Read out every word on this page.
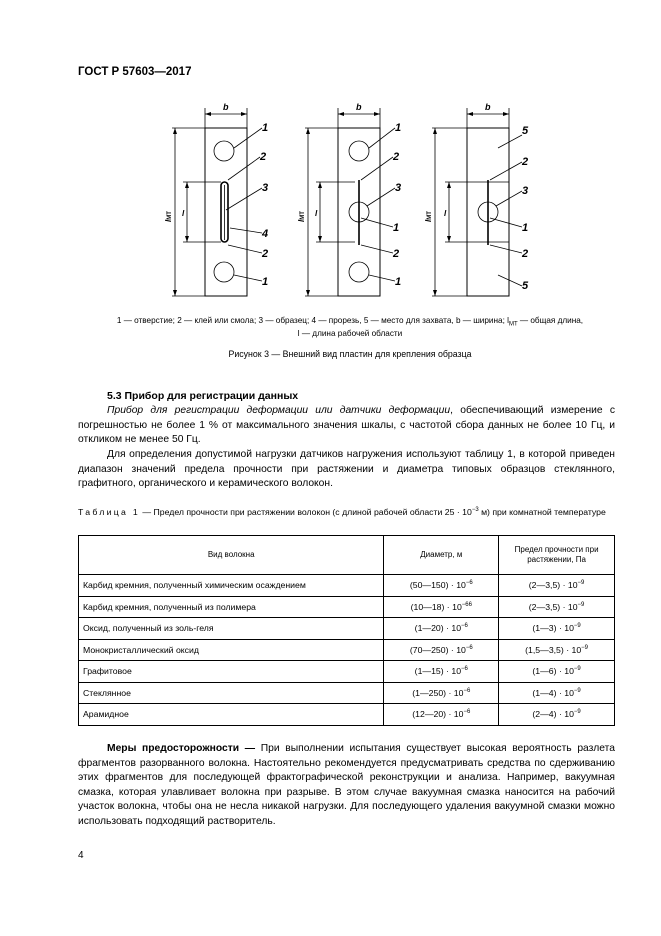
ГОСТ Р 57603—2017
b	b	b
l	l	l
lМТ
lМТ
lМТ
1
2
3
4
2
1
1
2
3
1
2
1
5
2
3
1
2
5
1 — отверстие; 2 — клей или смола; 3 — образец; 4 — прорезь, 5 — место для захвата, b — ширина; $l_{МТ}$ — общая длина,
l — длина рабочей области
Рисунок 3 — Внешний вид пластин для крепления образца
5.3 Прибор для регистрации данных
Прибор для регистрации деформации или датчики деформации, обеспечивающий измерение с погрешностью не более 1 % от максимального значения шкалы, с частотой сбора данных не более 10 Гц, и откликом не менее 50 Гц.
Для определения допустимой нагрузки датчиков нагружения используют таблицу 1, в которой приведен диапазон значений предела прочности при растяжении и диаметра типовых образцов стеклянного, графитного, органического и керамического волокон.
Таблица 1 — Предел прочности при растяжении волокон (с длиной рабочей области $25 \cdot 10^{-3}$ м) при комнатной температуре
Вид волокна	Диаметр, м	Предел прочности при растяжении, Па
Карбид кремния, полученный химическим осаждением	(50—150) · $10^{-6}$	(2—3,5) · $10^{-9}$
Карбид кремния, полученный из полимера	(10—18) · $10^{-66}$	(2—3,5) · $10^{-9}$
Оксид, полученный из золь-геля	(1—20) · $10^{-6}$	(1—3) · $10^{-9}$
Монокристаллический оксид	(70—250) · $10^{-6}$	(1,5—3,5) · $10^{-9}$
Графитовое	(1—15) · $10^{-6}$	(1—6) · $10^{-9}$
Стеклянное	(1—250) · $10^{-6}$	(1—4) · $10^{-9}$
Арамидное	(12—20) · $10^{-6}$	(2—4) · $10^{-9}$
Меры предосторожности — При выполнении испытания существует высокая вероятность разлета фрагментов разорванного волокна. Настоятельно рекомендуется предусматривать средства по сдерживанию этих фрагментов для последующей фрактографической реконструкции и анализа. Например, вакуумная смазка, которая улавливает волокна при разрыве. В этом случае вакуумная смазка наносится на рабочий участок волокна, чтобы она не несла никакой нагрузки. Для последующего удаления вакуумной смазки можно использовать подходящий растворитель.
4
